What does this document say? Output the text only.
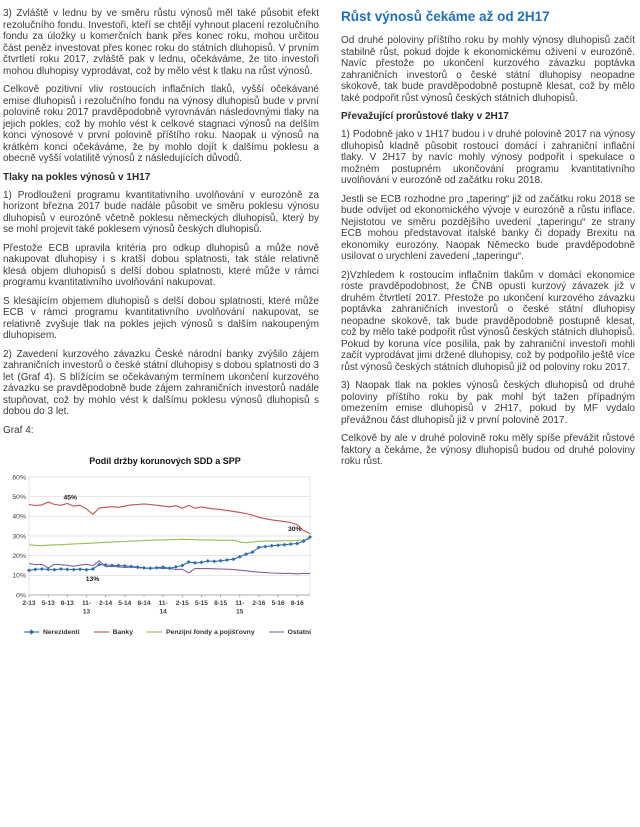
3) Zvláště v lednu by ve směru růstu výnosů měl také působit efekt rezolučního fondu. Investoři, kteří se chtějí vyhnout placení rezolučního fondu za úložky u komerčních bank přes konec roku, mohou určitou část peněz investovat přes konec roku do státních dluhopisů. V prvním čtvrtletí roku 2017, zvláště pak v lednu, očekáváme, že tito investoři mohou dluhopisy vyprodávat, což by mělo vést k tlaku na růst výnosů.

Celkově pozitivní vliv rostoucích inflačních tlaků, vyšší očekávané emise dluhopisů i rezolučního fondu na výnosy dluhopisů bude v první polovině roku 2017 pravděpodobně vyrovnáván následovnými tlaky na jejich pokles, což by mohlo vést k celkové stagnaci výnosů na delším konci výnosové v první polovině příštího roku. Naopak u výnosů na krátkém konci očekáváme, že by mohlo dojít k dalšímu poklesu a obecně vyšší volatilitě výnosů z následujících důvodů.

Tlaky na pokles výnosů v 1H17

1) Prodloužení programu kvantitativního uvolňování v eurozóně za horizont března 2017 bude nadále působit ve směru poklesu výnosu dluhopisů v eurozóně včetně poklesu německých dluhopisů, který by se mohl projevit také poklesem výnosů českých dluhopisů.

Přestože ECB upravila kritéria pro odkup dluhopisů a může nově nakupovat dluhopisy i s kratší dobou splatnosti, tak stále relativně klesá objem dluhopisů s delší dobou splatnosti, které může v rámci programu kvantitativního uvolňování nakupovat.

S klesajícím objemem dluhopisů s delší dobou splatnosti, které může ECB v rámci programu kvantitativního uvolňování nakupovat, se relativně zvyšuje tlak na pokles jejich výnosů s dalším nakoupeným dluhopisem.

2) Zavedení kurzového závazku České národní banky zvýšilo zájem zahraničních investorů o české státní dluhopisy s dobou splatnosti do 3 let (Graf 4). S blížícím se očekávaným termínem ukončení kurzového závazku se pravděpodobně bude zájem zahraničních investorů nadále stupňovat, což by mohlo vést k dalšímu poklesu výnosů dluhopisů s dobou do 3 let.

Graf 4:

Podíl držby korunových SDD a SPP
0%
10%
20%
30%
40%
50%
60%
2-13 5-13 8-13 11-
13
2-14 5-14 8-14 11-
14
2-15 5-15 8-15 11-
15
2-16 5-16 8-16
45%
13%
30%
Nerezidenti	Banky	Penzijní fondy a pojišťovny	Ostatní
Růst výnosů čekáme až od 2H17

Od druhé poloviny příštího roku by mohly výnosy dluhopisů začít stabilně růst, pokud dojde k ekonomickému oživení v eurozóně. Navíc přestože po ukončení kurzového závazku poptávka zahraničních investorů o české státní dluhopisy neopadne skokově, tak bude pravděpodobně postupně klesat, což by mělo také podpořit růst výnosů českých státních dluhopisů.

Převažující prorůstové tlaky v 2H17

1) Podobně jako v 1H17 budou i v druhé polovině 2017 na výnosy dluhopisů kladně působit rostoucí domácí i zahraniční inflační tlaky. V 2H17 by navíc mohly výnosy podpořit i spekulace o možném postupném ukončování programu kvantitativního uvolňování v eurozóně od začátku roku 2018.

Jestli se ECB rozhodne pro „tapering“ již od začátku roku 2018 se bude odvíjet od ekonomického vývoje v eurozóně a růstu inflace. Nejistotou ve směru pozdějšího uvedení „taperingu“ ze strany ECB mohou představovat italské banky či dopady Brexitu na ekonomiky eurozóny. Naopak Německo bude pravděpodobně usilovat o urychlení zavedení „taperingu“.

2)Vzhledem k rostoucím inflačním tlakům v domácí ekonomice roste pravděpodobnost, že ČNB opustí kurzový závazek již v druhém čtvrtletí 2017. Přestože po ukončení kurzového závazku poptávka zahraničních investorů o české státní dluhopisy neopadne skokově, tak bude pravděpodobně postupně klesat, což by mělo také podpořit růst výnosů českých státních dluhopisů. Pokud by koruna více posílila, pak by zahraniční investoři mohli začít vyprodávat jimi držené dluhopisy, což by podpořilo ještě více růst výnosů českých státních dluhopisů již od poloviny roku 2017.

3) Naopak tlak na pokles výnosů českých dluhopisů od druhé poloviny příštího roku by pak mohl být tažen případným omezením emise dluhopisů v 2H17, pokud by MF vydalo převážnou část dluhopisů již v první polovině 2017.

Celkově by ale v druhé polovině roku měly spíše převážit růstové faktory a čekáme, že výnosy dluhopisů budou od druhé poloviny roku růst.
